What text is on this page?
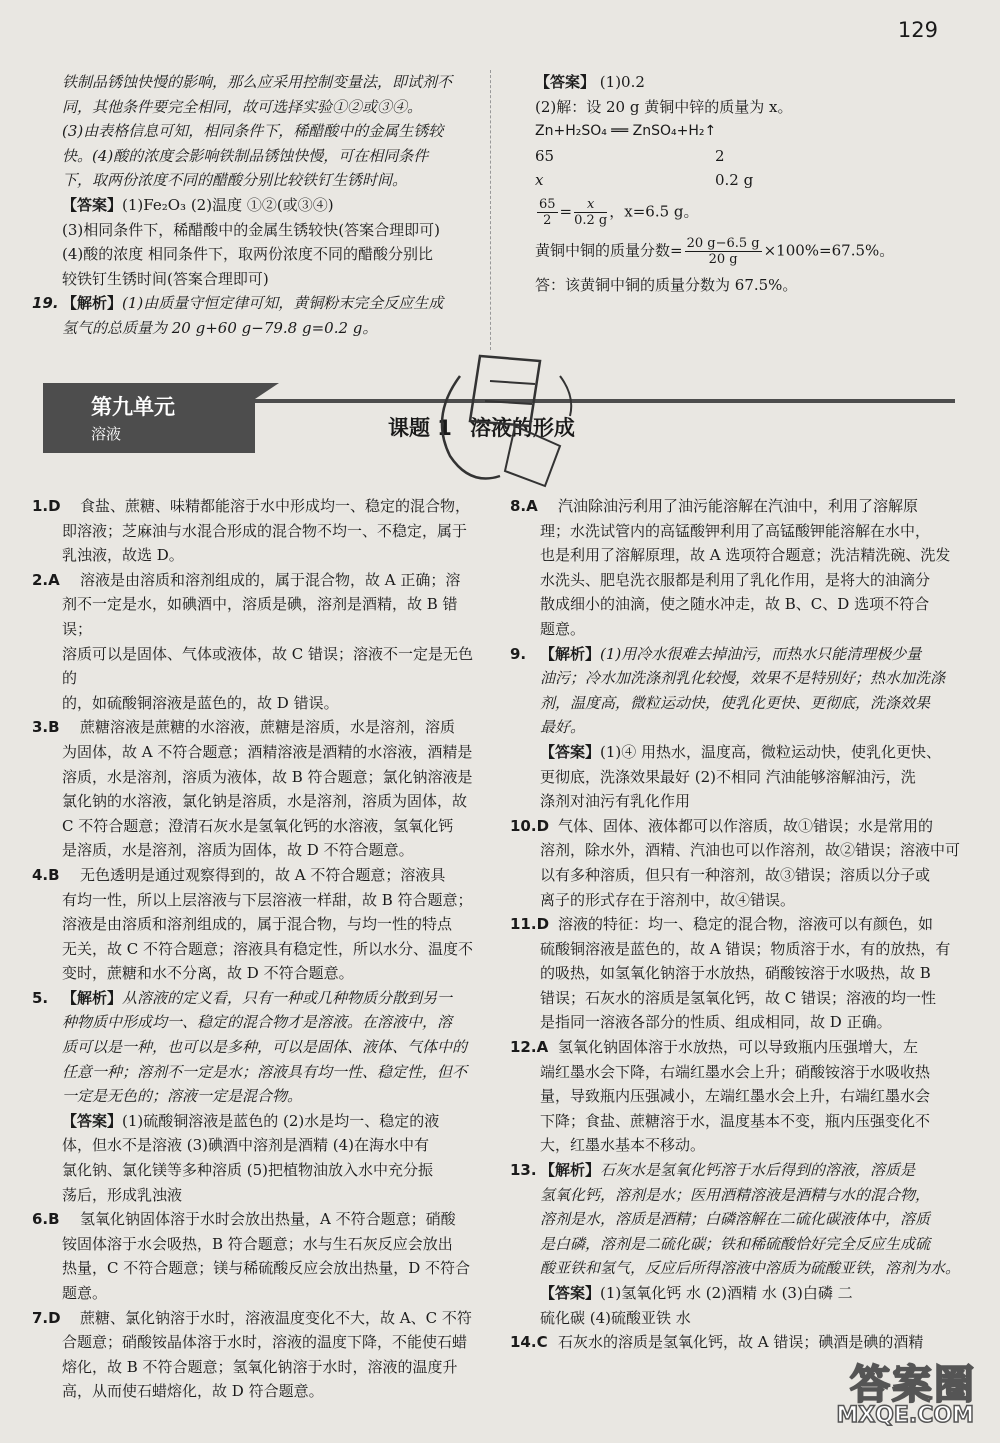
129

铁制品锈蚀快慢的影响，那么应采用控制变量法，即试剂不

同，其他条件要完全相同，故可选择实验①②或③④。

(3)由表格信息可知，相同条件下，稀醋酸中的金属生锈较

快。(4)酸的浓度会影响铁制品锈蚀快慢，可在相同条件

下，取两份浓度不同的醋酸分别比较铁钉生锈时间。

【答案】(1)Fe₂O₃ (2)温度 ①②(或③④)

(3)相同条件下，稀醋酸中的金属生锈较快(答案合理即可)

(4)酸的浓度 相同条件下，取两份浓度不同的醋酸分别比

较铁钉生锈时间(答案合理即可)

19. 【解析】(1)由质量守恒定律可知，黄铜粉末完全反应生成

氢气的总质量为 20 g+60 g−79.8 g=0.2 g。

【答案】 (1)0.2

(2)解：设 20 g 黄铜中锌的质量为 x。

Zn+H₂SO₄ ══ ZnSO₄+H₂↑

65	2
x	0.2 g

$\frac{65}{2} = \frac{x}{0.2 g}$ ，x=6.5 g。

黄铜中铜的质量分数= $\frac{20 g-6.5 g}{20 g} \times 100\%=67.5\%$。

答：该黄铜中铜的质量分数为 67.5%。

第九单元
溶液	课题 1 溶液的形成

1.D 食盐、蔗糖、味精都能溶于水中形成均一、稳定的混合物，

即溶液；芝麻油与水混合形成的混合物不均一、不稳定，属于

乳浊液，故选 D。

2.A 溶液是由溶质和溶剂组成的，属于混合物，故 A 正确；溶

剂不一定是水，如碘酒中，溶质是碘，溶剂是酒精，故 B 错误；

溶质可以是固体、气体或液体，故 C 错误；溶液不一定是无色的

的，如硫酸铜溶液是蓝色的，故 D 错误。

3.B 蔗糖溶液是蔗糖的水溶液，蔗糖是溶质，水是溶剂，溶质

为固体，故 A 不符合题意；酒精溶液是酒精的水溶液，酒精是

溶质，水是溶剂，溶质为液体，故 B 符合题意；氯化钠溶液是

氯化钠的水溶液，氯化钠是溶质，水是溶剂，溶质为固体，故

C 不符合题意；澄清石灰水是氢氧化钙的水溶液，氢氧化钙

是溶质，水是溶剂，溶质为固体，故 D 不符合题意。

4.B 无色透明是通过观察得到的，故 A 不符合题意；溶液具

有均一性，所以上层溶液与下层溶液一样甜，故 B 符合题意；

溶液是由溶质和溶剂组成的，属于混合物，与均一性的特点

无关，故 C 不符合题意；溶液具有稳定性，所以水分、温度不

变时，蔗糖和水不分离，故 D 不符合题意。

5. 【解析】从溶液的定义看，只有一种或几种物质分散到另一

种物质中形成均一、稳定的混合物才是溶液。在溶液中，溶

质可以是一种，也可以是多种，可以是固体、液体、气体中的

任意一种；溶剂不一定是水；溶液具有均一性、稳定性，但不

一定是无色的；溶液一定是混合物。

【答案】(1)硫酸铜溶液是蓝色的 (2)水是均一、稳定的液

体，但水不是溶液 (3)碘酒中溶剂是酒精 (4)在海水中有

氯化钠、氯化镁等多种溶质 (5)把植物油放入水中充分振

荡后，形成乳浊液

6.B 氢氧化钠固体溶于水时会放出热量，A 不符合题意；硝酸

铵固体溶于水会吸热，B 符合题意；水与生石灰反应会放出

热量，C 不符合题意；镁与稀硫酸反应会放出热量，D 不符合

题意。

7.D 蔗糖、氯化钠溶于水时，溶液温度变化不大，故 A、C 不符

合题意；硝酸铵晶体溶于水时，溶液的温度下降，不能使石蜡

熔化，故 B 不符合题意；氢氧化钠溶于水时，溶液的温度升

高，从而使石蜡熔化，故 D 符合题意。

8.A 汽油除油污利用了油污能溶解在汽油中，利用了溶解原

理；水洗试管内的高锰酸钾利用了高锰酸钾能溶解在水中，

也是利用了溶解原理，故 A 选项符合题意；洗洁精洗碗、洗发

水洗头、肥皂洗衣服都是利用了乳化作用，是将大的油滴分

散成细小的油滴，使之随水冲走，故 B、C、D 选项不符合

题意。

9. 【解析】(1)用冷水很难去掉油污，而热水只能清理极少量

油污；冷水加洗涤剂乳化较慢，效果不是特别好；热水加洗涤

剂，温度高，微粒运动快，使乳化更快、更彻底，洗涤效果

最好。

【答案】(1)④ 用热水，温度高，微粒运动快，使乳化更快、

更彻底，洗涤效果最好 (2)不相同 汽油能够溶解油污，洗

涤剂对油污有乳化作用

10.D 气体、固体、液体都可以作溶质，故①错误；水是常用的

溶剂，除水外，酒精、汽油也可以作溶剂，故②错误；溶液中可

以有多种溶质，但只有一种溶剂，故③错误；溶质以分子或

离子的形式存在于溶剂中，故④错误。

11.D 溶液的特征：均一、稳定的混合物，溶液可以有颜色，如

硫酸铜溶液是蓝色的，故 A 错误；物质溶于水，有的放热，有

的吸热，如氢氧化钠溶于水放热，硝酸铵溶于水吸热，故 B

错误；石灰水的溶质是氢氧化钙，故 C 错误；溶液的均一性

是指同一溶液各部分的性质、组成相同，故 D 正确。

12.A 氢氧化钠固体溶于水放热，可以导致瓶内压强增大，左

端红墨水会下降，右端红墨水会上升；硝酸铵溶于水吸收热

量，导致瓶内压强减小，左端红墨水会上升，右端红墨水会

下降；食盐、蔗糖溶于水，温度基本不变，瓶内压强变化不

大，红墨水基本不移动。

13. 【解析】石灰水是氢氧化钙溶于水后得到的溶液，溶质是

氢氧化钙，溶剂是水；医用酒精溶液是酒精与水的混合物，

溶剂是水，溶质是酒精；白磷溶解在二硫化碳液体中，溶质

是白磷，溶剂是二硫化碳；铁和稀硫酸恰好完全反应生成硫

酸亚铁和氢气，反应后所得溶液中溶质为硫酸亚铁，溶剂为水。

【答案】(1)氢氧化钙 水 (2)酒精 水 (3)白磷 二

硫化碳 (4)硫酸亚铁 水

14.C 石灰水的溶质是氢氧化钙，故 A 错误；碘酒是碘的酒精

答案圈
MXQE.COM
